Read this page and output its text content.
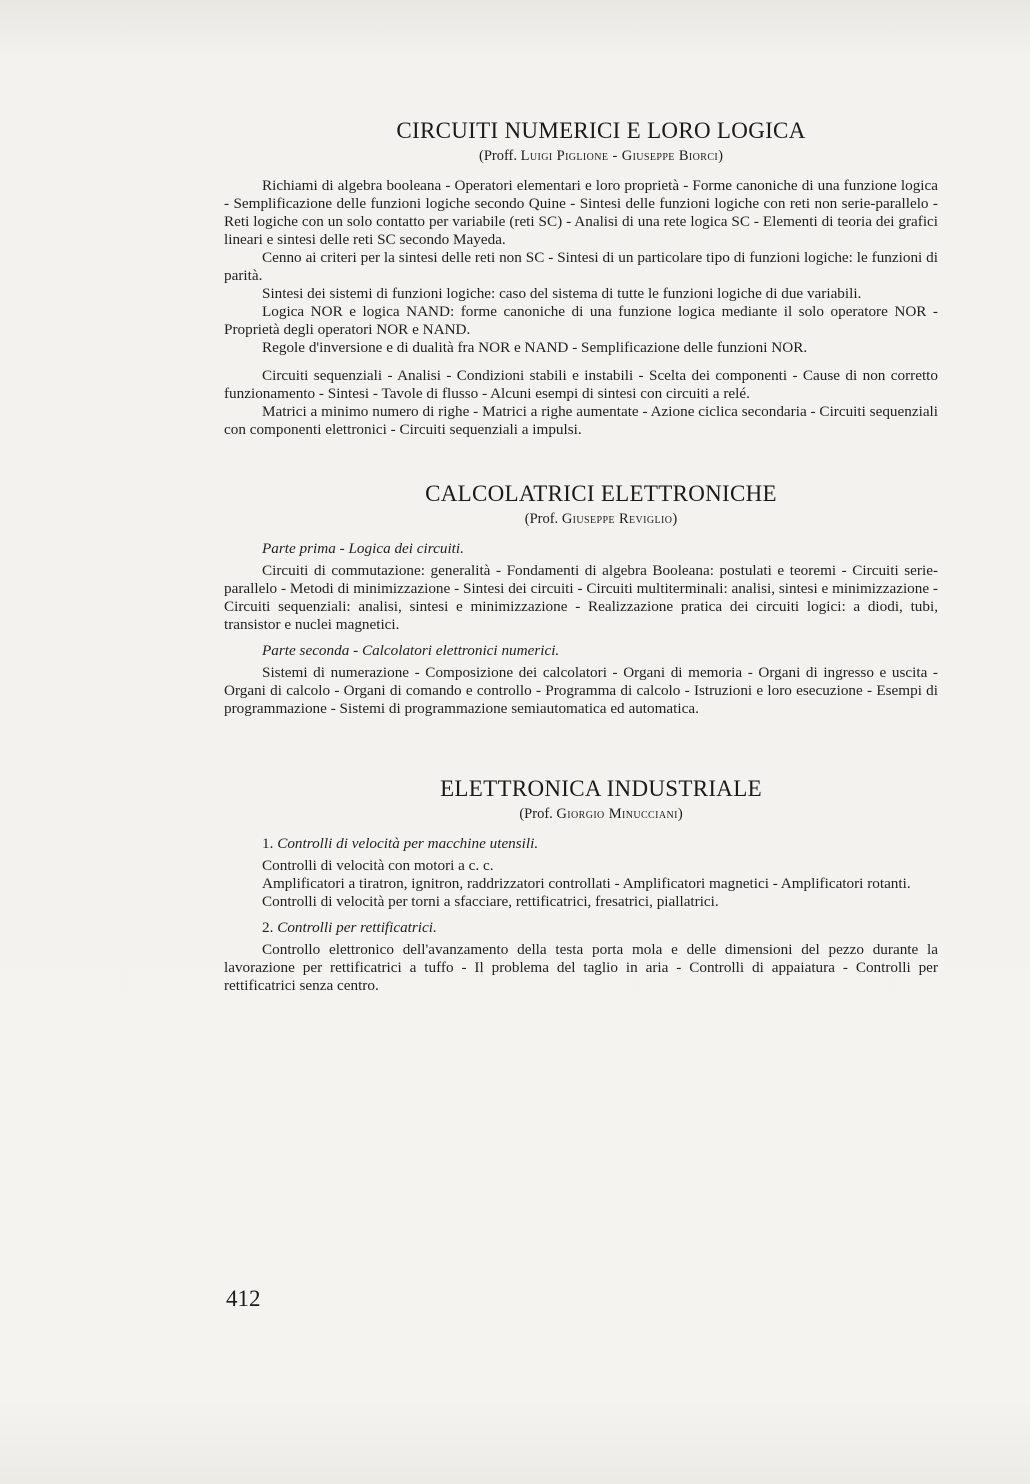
CIRCUITI NUMERICI E LORO LOGICA
(Proff. Luigi Piglione - Giuseppe Biorci)

Richiami di algebra booleana - Operatori elementari e loro proprietà - Forme canoniche di una funzione logica - Semplificazione delle funzioni logiche secondo Quine - Sintesi delle funzioni logiche con reti non serie-parallelo - Reti logiche con un solo contatto per variabile (reti SC) - Analisi di una rete logica SC - Elementi di teoria dei grafici lineari e sintesi delle reti SC secondo Mayeda.

Cenno ai criteri per la sintesi delle reti non SC - Sintesi di un particolare tipo di funzioni logiche: le funzioni di parità.

Sintesi dei sistemi di funzioni logiche: caso del sistema di tutte le funzioni logiche di due variabili.

Logica NOR e logica NAND: forme canoniche di una funzione logica mediante il solo operatore NOR - Proprietà degli operatori NOR e NAND.

Regole d'inversione e di dualità fra NOR e NAND - Semplificazione delle funzioni NOR.

Circuiti sequenziali - Analisi - Condizioni stabili e instabili - Scelta dei componenti - Cause di non corretto funzionamento - Sintesi - Tavole di flusso - Alcuni esempi di sintesi con circuiti a relé.

Matrici a minimo numero di righe - Matrici a righe aumentate - Azione ciclica secondaria - Circuiti sequenziali con componenti elettronici - Circuiti sequenziali a impulsi.

CALCOLATRICI ELETTRONICHE
(Prof. Giuseppe Reviglio)

Parte prima - Logica dei circuiti.

Circuiti di commutazione: generalità - Fondamenti di algebra Booleana: postulati e teoremi - Circuiti serie-parallelo - Metodi di minimizzazione - Sintesi dei circuiti - Circuiti multiterminali: analisi, sintesi e minimizzazione - Circuiti sequenziali: analisi, sintesi e minimizzazione - Realizzazione pratica dei circuiti logici: a diodi, tubi, transistor e nuclei magnetici.

Parte seconda - Calcolatori elettronici numerici.

Sistemi di numerazione - Composizione dei calcolatori - Organi di memoria - Organi di ingresso e uscita - Organi di calcolo - Organi di comando e controllo - Programma di calcolo - Istruzioni e loro esecuzione - Esempi di programmazione - Sistemi di programmazione semiautomatica ed automatica.

ELETTRONICA INDUSTRIALE
(Prof. Giorgio Minucciani)

1. Controlli di velocità per macchine utensili.

Controlli di velocità con motori a c. c.

Amplificatori a tiratron, ignitron, raddrizzatori controllati - Amplificatori magnetici - Amplificatori rotanti.

Controlli di velocità per torni a sfacciare, rettificatrici, fresatrici, piallatrici.

2. Controlli per rettificatrici.

Controllo elettronico dell'avanzamento della testa porta mola e delle dimensioni del pezzo durante la lavorazione per rettificatrici a tuffo - Il problema del taglio in aria - Controlli di appaiatura - Controlli per rettificatrici senza centro.

412
